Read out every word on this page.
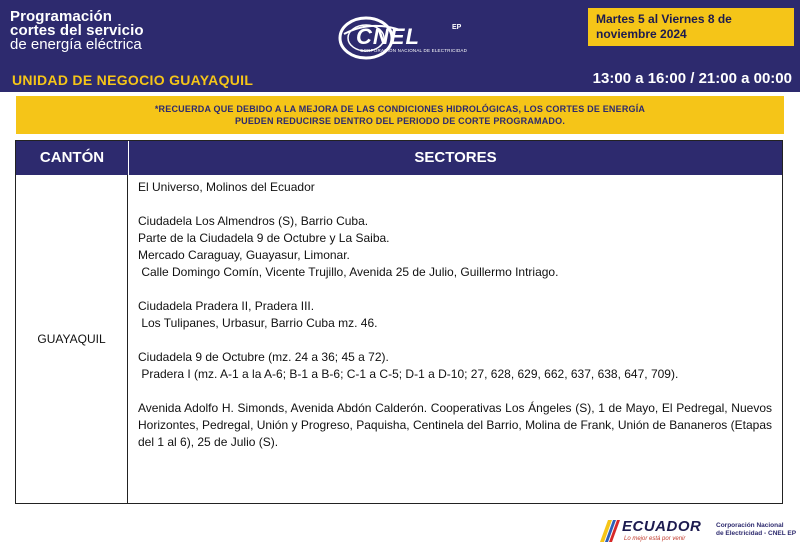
Programación
cortes del servicio
de energía eléctrica
UNIDAD DE NEGOCIO GUAYAQUIL
CNEL	EP
CORPORACIÓN NACIONAL DE ELECTRICIDAD
Martes 5 al Viernes 8 de noviembre 2024
13:00 a 16:00 / 21:00 a 00:00
*RECUERDA QUE DEBIDO A LA MEJORA DE LAS CONDICIONES HIDROLÓGICAS, LOS CORTES DE ENERGÍA
PUEDEN REDUCIRSE DENTRO DEL PERIODO DE CORTE PROGRAMADO.
CANTÓN	SECTORES
GUAYAQUIL
El Universo, Molinos del Ecuador
Ciudadela Los Almendros (S), Barrio Cuba.
Parte de la Ciudadela 9 de Octubre y La Saiba.
Mercado Caraguay, Guayasur, Limonar.
Calle Domingo Comín, Vicente Trujillo, Avenida 25 de Julio, Guillermo Intriago.
Ciudadela Pradera II, Pradera III.
Los Tulipanes, Urbasur, Barrio Cuba mz. 46.
Ciudadela 9 de Octubre (mz. 24 a 36; 45 a 72).
Pradera I (mz. A-1 a la A-6; B-1 a B-6; C-1 a C-5; D-1 a D-10; 27, 628, 629, 662, 637, 638, 647, 709).
Avenida Adolfo H. Simonds, Avenida Abdón Calderón. Cooperativas Los Ángeles (S), 1 de Mayo, El Pedregal, Nuevos Horizontes, Pedregal, Unión y Progreso, Paquisha, Centinela del Barrio, Molina de Frank, Unión de Bananeros (Etapas del 1 al 6), 25 de Julio (S).
ECUADOR
Lo mejor está por venir
Corporación Nacional
de Electricidad - CNEL EP
